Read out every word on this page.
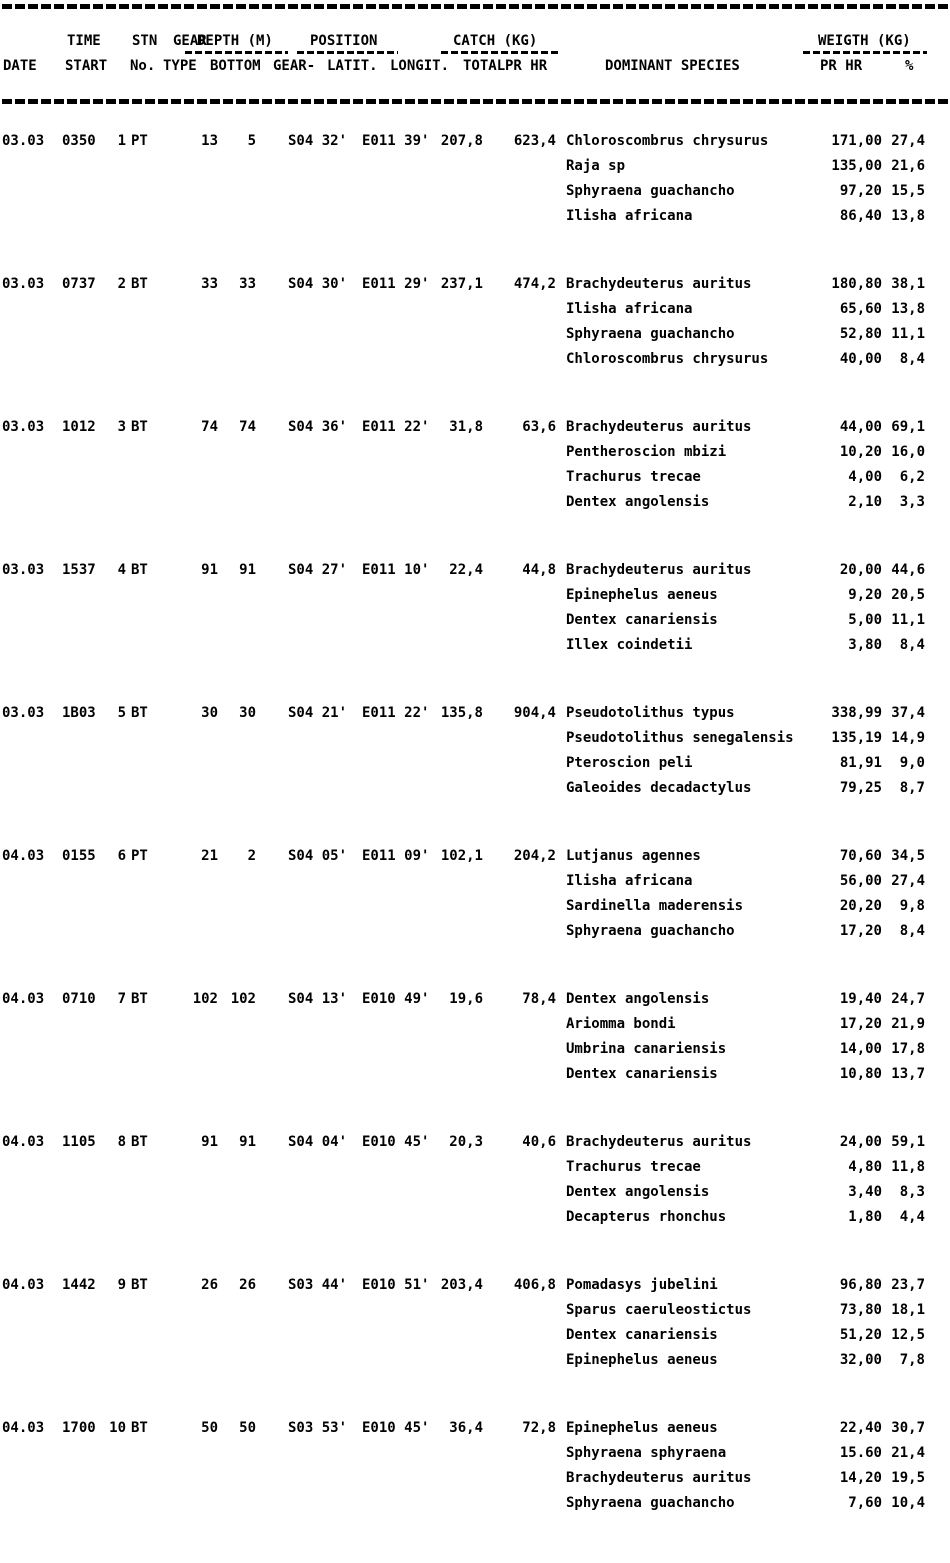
TIME STN GEAR
DEPTH (M)	POSITION	CATCH (KG)	WEIGTH (KG)
DATE START No. TYPE BOTTOM GEAR- LATIT. LONGIT. TOTAL PR HR	DOMINANT SPECIES	PR HR	%
03.03	0350	1 PT	13	5 S04 32'	E011 39' 207,8	623,4 Chloroscombrus chrysurus	171,00 27,4
Raja sp	135,00 21,6
Sphyraena guachancho	97,20 15,5
Ilisha africana	86,40 13,8
03.03	0737	2 BT	33	33 S04 30'	E011 29' 237,1	474,2 Brachydeuterus auritus	180,80 38,1
Ilisha africana	65,60 13,8
Sphyraena guachancho	52,80 11,1
Chloroscombrus chrysurus	40,00	8,4
03.03	1012	3 BT	74	74 S04 36'	E011 22'	31,8	63,6 Brachydeuterus auritus	44,00 69,1
Pentheroscion mbizi	10,20 16,0
Trachurus trecae	4,00	6,2
Dentex angolensis	2,10	3,3
03.03	1537	4 BT	91	91 S04 27'	E011 10'	22,4	44,8 Brachydeuterus auritus	20,00 44,6
Epinephelus aeneus	9,20 20,5
Dentex canariensis	5,00 11,1
Illex coindetii	3,80	8,4
03.03	1B03	5 BT	30	30 S04 21'	E011 22' 135,8	904,4 Pseudotolithus typus	338,99 37,4
Pseudotolithus senegalensis	135,19 14,9
Pteroscion peli	81,91	9,0
Galeoides decadactylus	79,25	8,7
04.03	0155	6 PT	21	2 S04 05'	E011 09' 102,1	204,2 Lutjanus agennes	70,60 34,5
Ilisha africana	56,00 27,4
Sardinella maderensis	20,20	9,8
Sphyraena guachancho	17,20	8,4
04.03	0710	7 BT	102 102 S04 13'	E010 49'	19,6	78,4 Dentex angolensis	19,40 24,7
Ariomma bondi	17,20 21,9
Umbrina canariensis	14,00 17,8
Dentex canariensis	10,80 13,7
04.03	1105	8 BT	91	91 S04 04'	E010 45'	20,3	40,6 Brachydeuterus auritus	24,00 59,1
Trachurus trecae	4,80 11,8
Dentex angolensis	3,40	8,3
Decapterus rhonchus	1,80	4,4
04.03	1442	9 BT	26	26 S03 44'	E010 51' 203,4	406,8 Pomadasys jubelini	96,80 23,7
Sparus caeruleostictus	73,80 18,1
Dentex canariensis	51,20 12,5
Epinephelus aeneus	32,00	7,8
04.03	1700 10 BT	50	50 S03 53'	E010 45'	36,4	72,8 Epinephelus aeneus	22,40 30,7
Sphyraena sphyraena	15.60 21,4
Brachydeuterus auritus	14,20 19,5
Sphyraena guachancho	7,60 10,4
